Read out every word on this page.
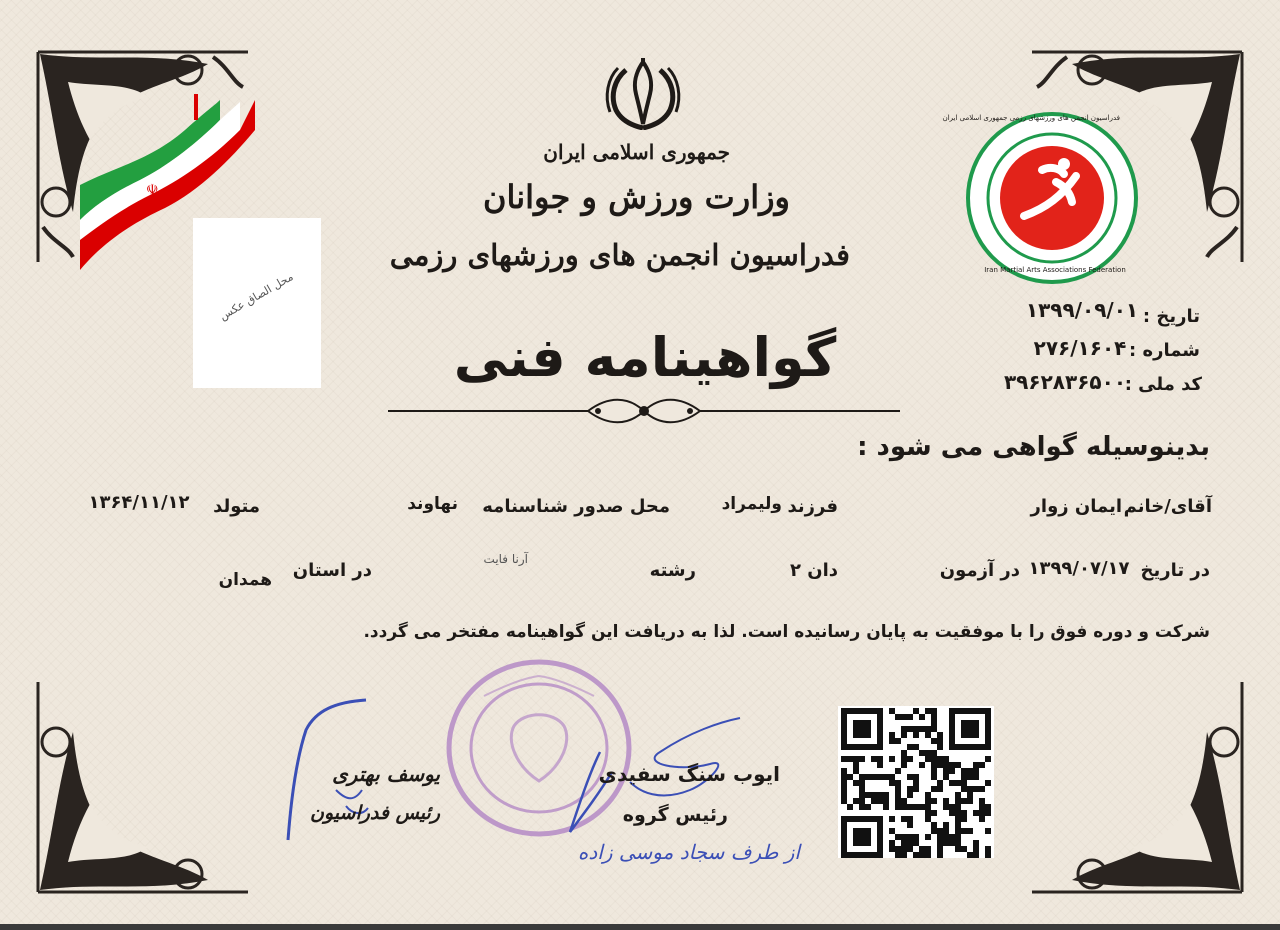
☫
محل الصاق عکس
جمهوری اسلامی ایران
وزارت ورزش و جوانان
فدراسیون انجمن های ورزشهای رزمی
گواهینامه فنی
فدراسیون انجمن های ورزشهای رزمی جمهوری اسلامی ایران
Iran Martial Arts Associations Federation
تاریخ :
۱۳۹۹/۰۹/۰۱
شماره :
۲۷۶/۱۶۰۴
کد ملی :
۳۹۶۲۸۳۶۵۰۰
بدینوسیله گواهی می شود :
آقای/خانم
ایمان زوار
فرزند
ولیمراد
محل صدور شناسنامه
نهاوند
متولد
۱۳۶۴/۱۱/۱۲
در تاریخ
۱۳۹۹/۰۷/۱۷
در آزمون
دان ۲
رشته
آرنا فایت
در استان
همدان
شرکت و دوره فوق را با موفقیت به پایان رسانیده است. لذا به دریافت این گواهینامه مفتخر می گردد.
ایوب سنگ سفیدی
رئیس گروه
از طرف سجاد موسی زاده
یوسف بهتری
رئیس فدراسیون
